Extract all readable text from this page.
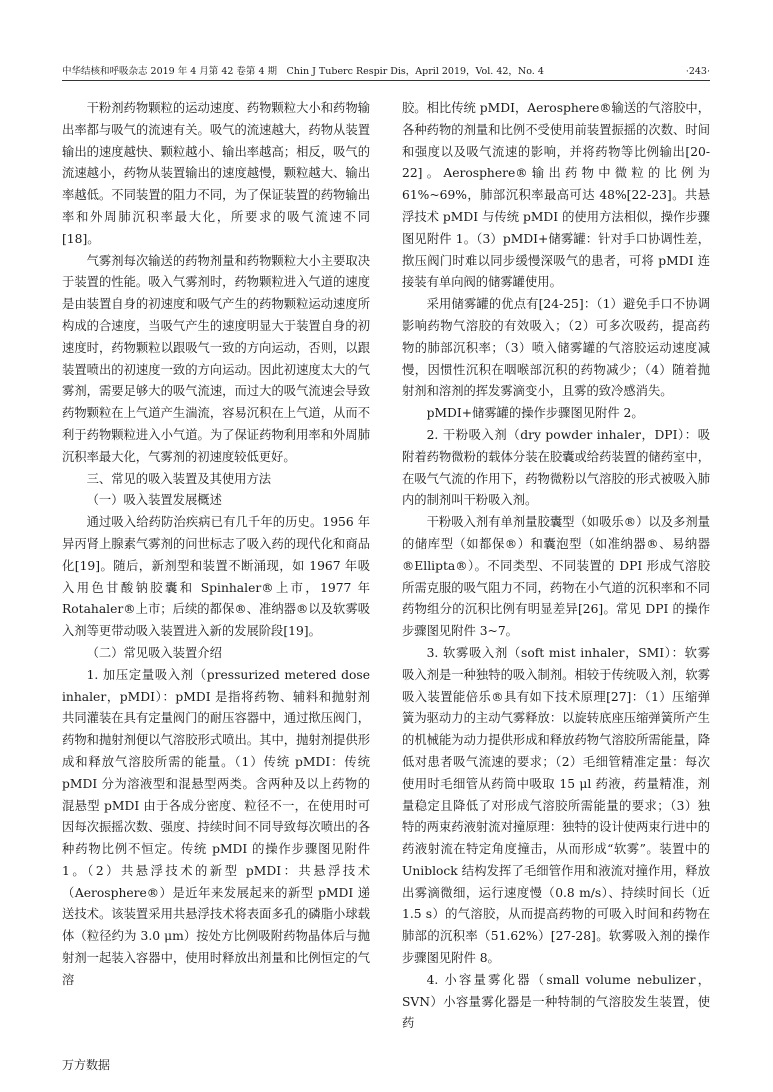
中华结核和呼吸杂志 2019 年 4 月第 42 卷第 4 期　Chin J Tuberc Respir Dis，April 2019，Vol. 42，No. 4	·243·

干粉剂药物颗粒的运动速度、药物颗粒大小和药物输出率都与吸气的流速有关。吸气的流速越大，药物从装置输出的速度越快、颗粒越小、输出率越高；相反，吸气的流速越小，药物从装置输出的速度越慢，颗粒越大、输出率越低。不同装置的阻力不同，为了保证装置的药物输出率和外周肺沉积率最大化，所要求的吸气流速不同[18]。

气雾剂每次输送的药物剂量和药物颗粒大小主要取决于装置的性能。吸入气雾剂时，药物颗粒进入气道的速度是由装置自身的初速度和吸气产生的药物颗粒运动速度所构成的合速度，当吸气产生的速度明显大于装置自身的初速度时，药物颗粒以跟吸气一致的方向运动，否则，以跟装置喷出的初速度一致的方向运动。因此初速度太大的气雾剂，需要足够大的吸气流速，而过大的吸气流速会导致药物颗粒在上气道产生湍流，容易沉积在上气道，从而不利于药物颗粒进入小气道。为了保证药物利用率和外周肺沉积率最大化，气雾剂的初速度较低更好。

三、常见的吸入装置及其使用方法

（一）吸入装置发展概述

通过吸入给药防治疾病已有几千年的历史。1956 年异丙肾上腺素气雾剂的问世标志了吸入药的现代化和商品化[19]。随后，新剂型和装置不断涌现，如 1967 年吸入用色甘酸钠胶囊和 Spinhaler®上市，1977 年 Rotahaler®上市；后续的都保®、准纳器®以及软雾吸入剂等更带动吸入装置进入新的发展阶段[19]。

（二）常见吸入装置介绍

1. 加压定量吸入剂（pressurized metered dose inhaler，pMDI）：pMDI 是指将药物、辅料和抛射剂共同灌装在具有定量阀门的耐压容器中，通过揿压阀门，药物和抛射剂便以气溶胶形式喷出。其中，抛射剂提供形成和释放气溶胶所需的能量。（1）传统 pMDI：传统 pMDI 分为溶液型和混悬型两类。含两种及以上药物的混悬型 pMDI 由于各成分密度、粒径不一，在使用时可因每次振摇次数、强度、持续时间不同导致每次喷出的各种药物比例不恒定。传统 pMDI 的操作步骤图见附件 1。（2）共悬浮技术的新型 pMDI：共悬浮技术（Aerosphere®）是近年来发展起来的新型 pMDI 递送技术。该装置采用共悬浮技术将表面多孔的磷脂小球载体（粒径约为 3.0 μm）按处方比例吸附药物晶体后与抛射剂一起装入容器中，使用时释放出剂量和比例恒定的气溶

胶。相比传统 pMDI，Aerosphere®输送的气溶胶中，各种药物的剂量和比例不受使用前装置振摇的次数、时间和强度以及吸气流速的影响，并将药物等比例输出[20-22]。Aerosphere®输出药物中微粒的比例为 61%~69%，肺部沉积率最高可达 48%[22-23]。共悬浮技术 pMDI 与传统 pMDI 的使用方法相似，操作步骤图见附件 1。（3）pMDI+储雾罐：针对手口协调性差，揿压阀门时难以同步缓慢深吸气的患者，可将 pMDI 连接装有单向阀的储雾罐使用。

采用储雾罐的优点有[24-25]：（1）避免手口不协调影响药物气溶胶的有效吸入；（2）可多次吸药，提高药物的肺部沉积率；（3）喷入储雾罐的气溶胶运动速度减慢，因惯性沉积在咽喉部沉积的药物减少；（4）随着抛射剂和溶剂的挥发雾滴变小，且雾的致冷感消失。

pMDI+储雾罐的操作步骤图见附件 2。

2. 干粉吸入剂（dry powder inhaler，DPI）：吸附着药物微粉的载体分装在胶囊或给药装置的储药室中，在吸气气流的作用下，药物微粉以气溶胶的形式被吸入肺内的制剂叫干粉吸入剂。

干粉吸入剂有单剂量胶囊型（如吸乐®）以及多剂量的储库型（如都保®）和囊泡型（如准纳器®、易纳器®Ellipta®）。不同类型、不同装置的 DPI 形成气溶胶所需克服的吸气阻力不同，药物在小气道的沉积率和不同药物组分的沉积比例有明显差异[26]。常见 DPI 的操作步骤图见附件 3~7。

3. 软雾吸入剂（soft mist inhaler，SMI）：软雾吸入剂是一种独特的吸入制剂。相较于传统吸入剂，软雾吸入装置能倍乐®具有如下技术原理[27]：（1）压缩弹簧为驱动力的主动气雾释放：以旋转底座压缩弹簧所产生的机械能为动力提供形成和释放药物气溶胶所需能量，降低对患者吸气流速的要求；（2）毛细管精准定量：每次使用时毛细管从药筒中吸取 15 μl 药液，药量精准，剂量稳定且降低了对形成气溶胶所需能量的要求；（3）独特的两束药液射流对撞原理：独特的设计使两束行进中的药液射流在特定角度撞击，从而形成“软雾”。装置中的 Uniblock 结构发挥了毛细管作用和液流对撞作用，释放出雾滴微细，运行速度慢（0.8 m/s）、持续时间长（近 1.5 s）的气溶胶，从而提高药物的可吸入时间和药物在肺部的沉积率（51.62%）[27-28]。软雾吸入剂的操作步骤图见附件 8。

4. 小容量雾化器（small volume nebulizer，SVN）小容量雾化器是一种特制的气溶胶发生装置，使药

万方数据
